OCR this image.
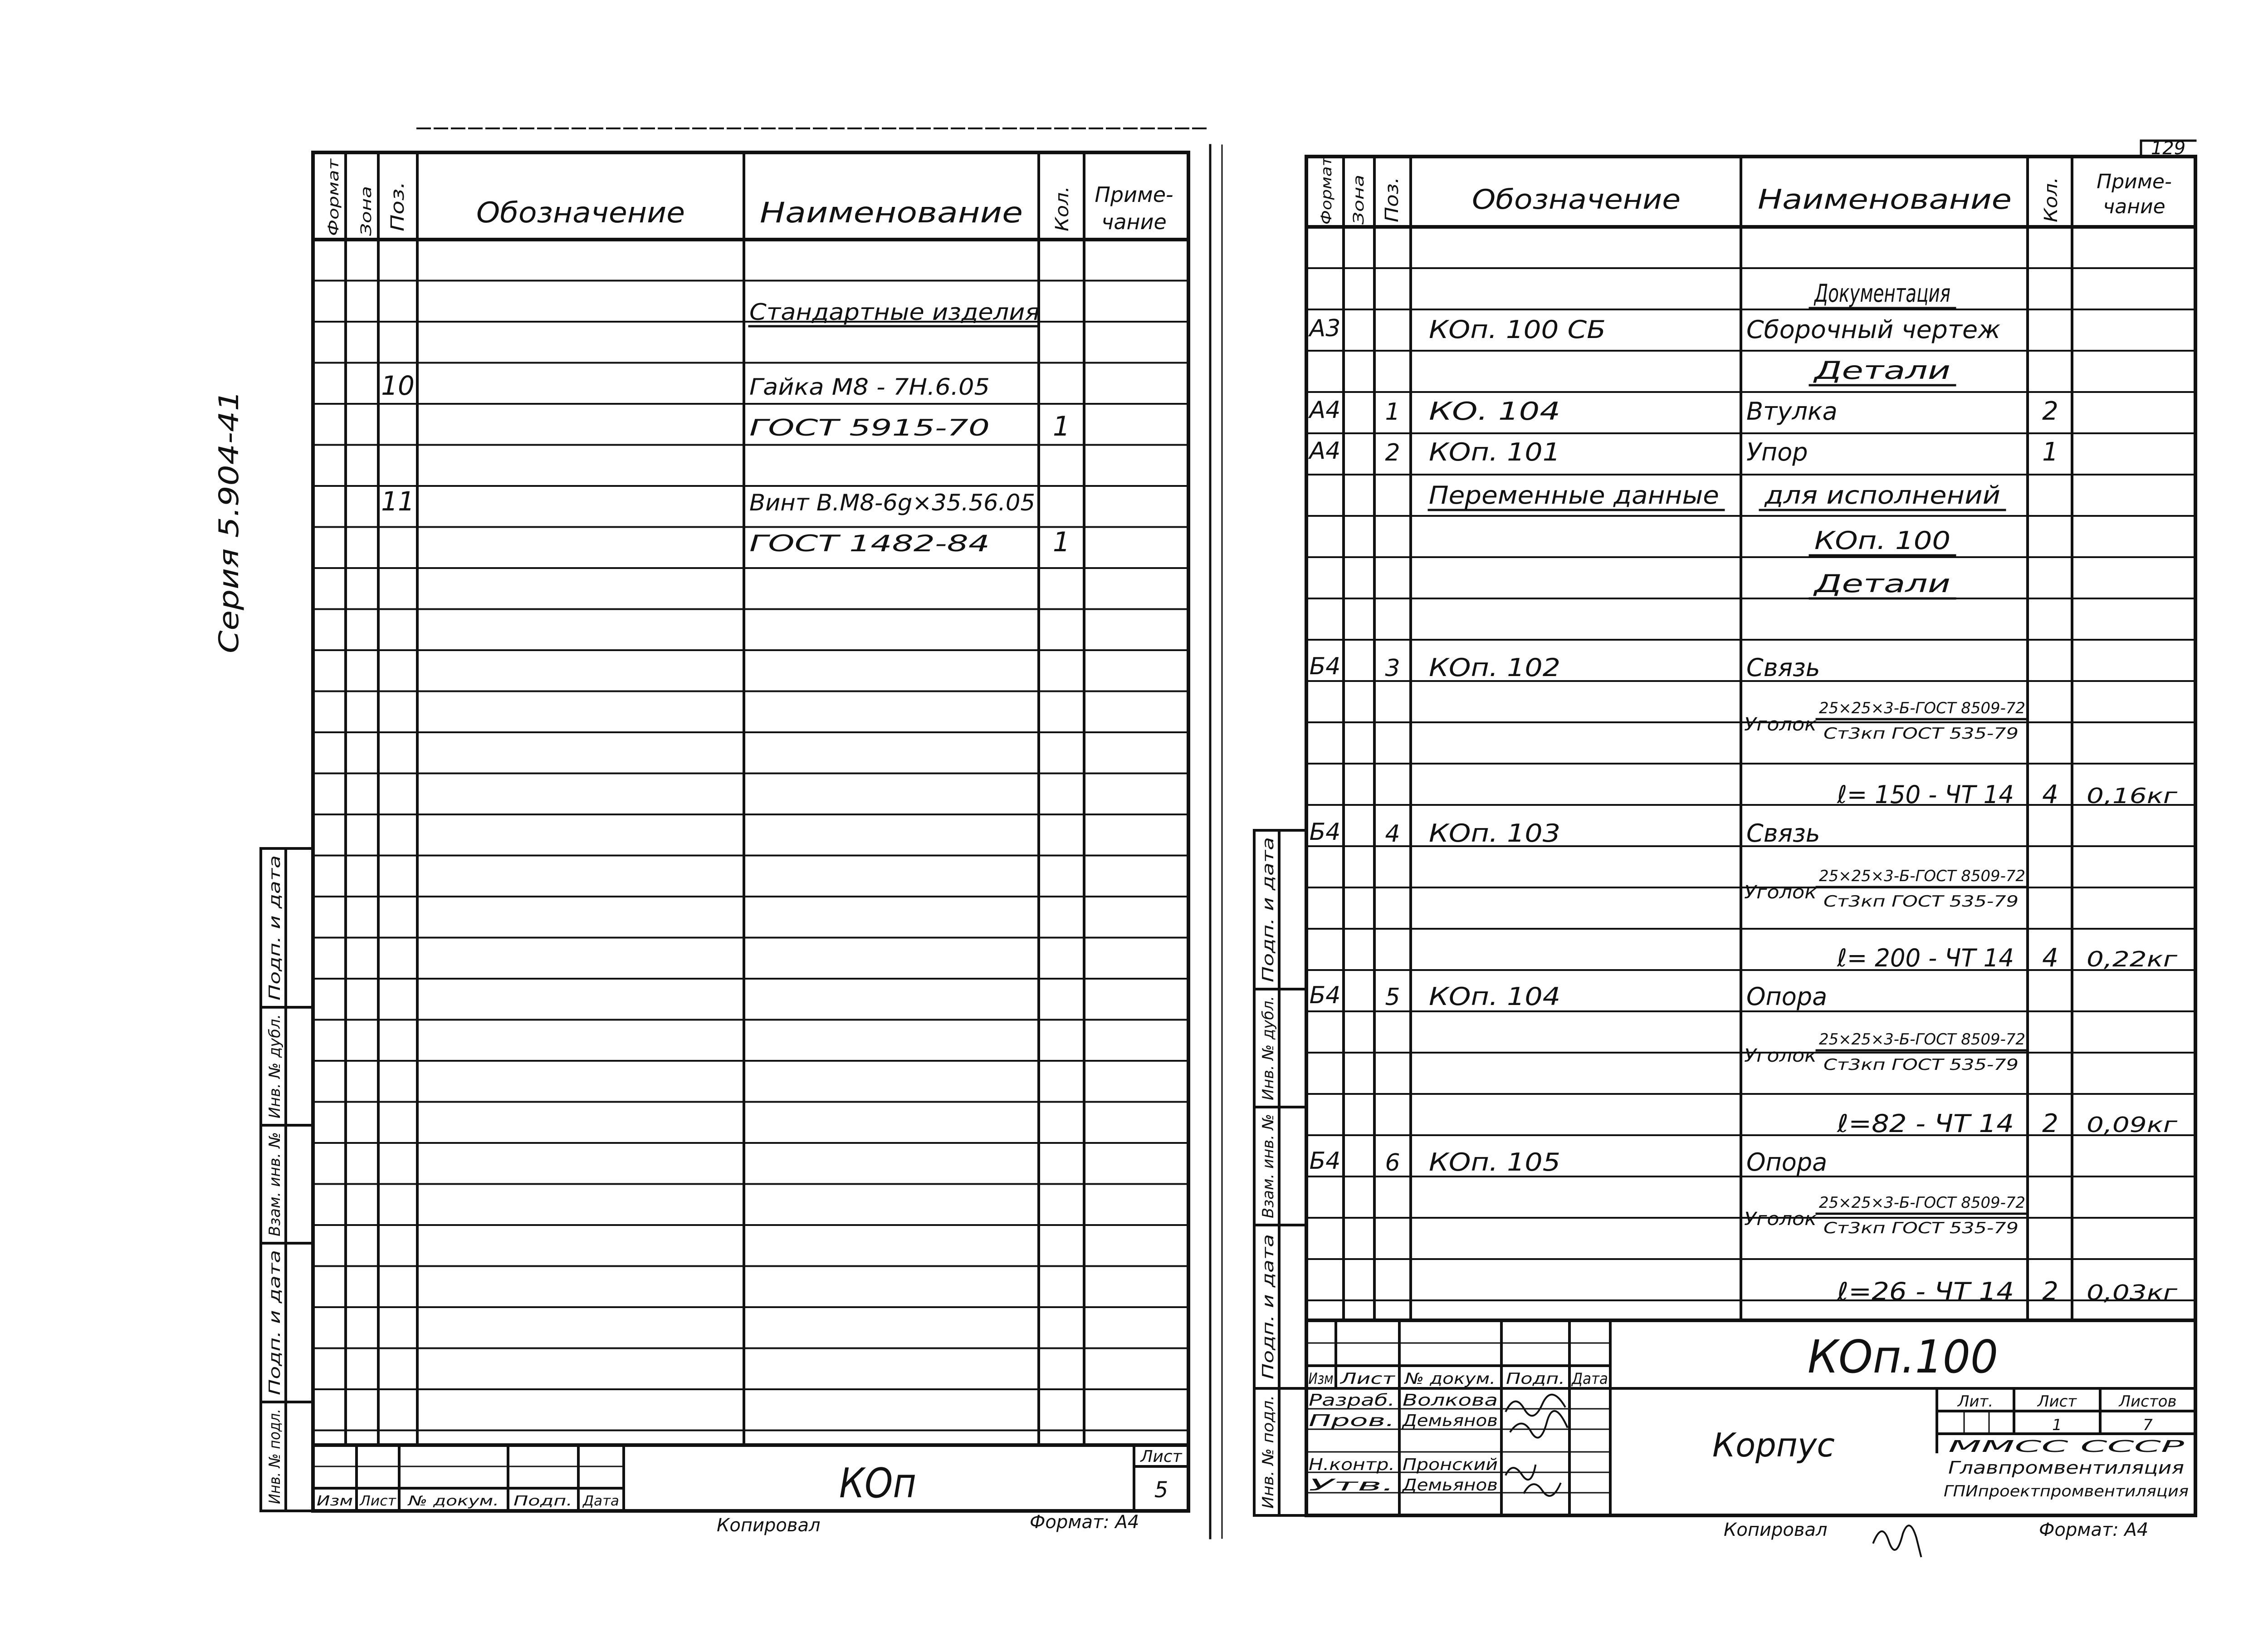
Серия 5.904-41
Формат Зона Поз. Обозначение	Наименование Кол. Приме-
чание
Стандартные изделия
10	Гайка М8 - 7Н.6.05
ГОСТ 5915-70 1
11	Винт В.М8-6g×35.56.05
ГОСТ 1482-84 1
Подп. и дата
Инв. № дубл.
Взам. инв. №
Подп. и дата
Инв. № подл.	КОп
Лист
5
Изм Лист № докум. Подп. Дата
Копировал	Формат: А4
129
Формат Зона Поз.	Обозначение	Наименование Кол. Приме-
чание
Документация
А3	КОп. 100 СБ	Сборочный чертеж
Детали
А4 1 КО. 104	Втулка	2
А4 2 КОп. 101	Упор	1
Переменные данные для исполнений
КОп. 100
Детали
Б4 3 КОп. 102	Связь
Уголок
25×25×3-Б-ГОСТ 8509-72
Ст3кп ГОСТ 535-79
ℓ= 150 - ЧТ 14 4 0,16кг
Б4 4 КОп. 103	Связь
Уголок
25×25×3-Б-ГОСТ 8509-72
Ст3кп ГОСТ 535-79
ℓ= 200 - ЧТ 14 4 0,22кг
Б4 5 КОп. 104	Опора
Уголок
25×25×3-Б-ГОСТ 8509-72
Ст3кп ГОСТ 535-79
ℓ=82 - ЧТ 14 2 0,09кг
Б4 6 КОп. 105	Опора
Уголок
25×25×3-Б-ГОСТ 8509-72
Ст3кп ГОСТ 535-79
ℓ=26 - ЧТ 14 2 0,03кг
Подп. и дата
Инв. № дубл.
Взам. инв. №
Подп. и дата
Инв. № подл.
КОп.100
Корпус
Изм Лист № докум. Подп. Дата
Разраб. Волкова
Пров. Демьянов
Н.контр. Пронский
Утв. Демьянов
Лит.	Лист	Листов
1	7
ММСС СССР
Главпромвентиляция
ГПИпроектпромвентиляция
Копировал	Формат: А4
